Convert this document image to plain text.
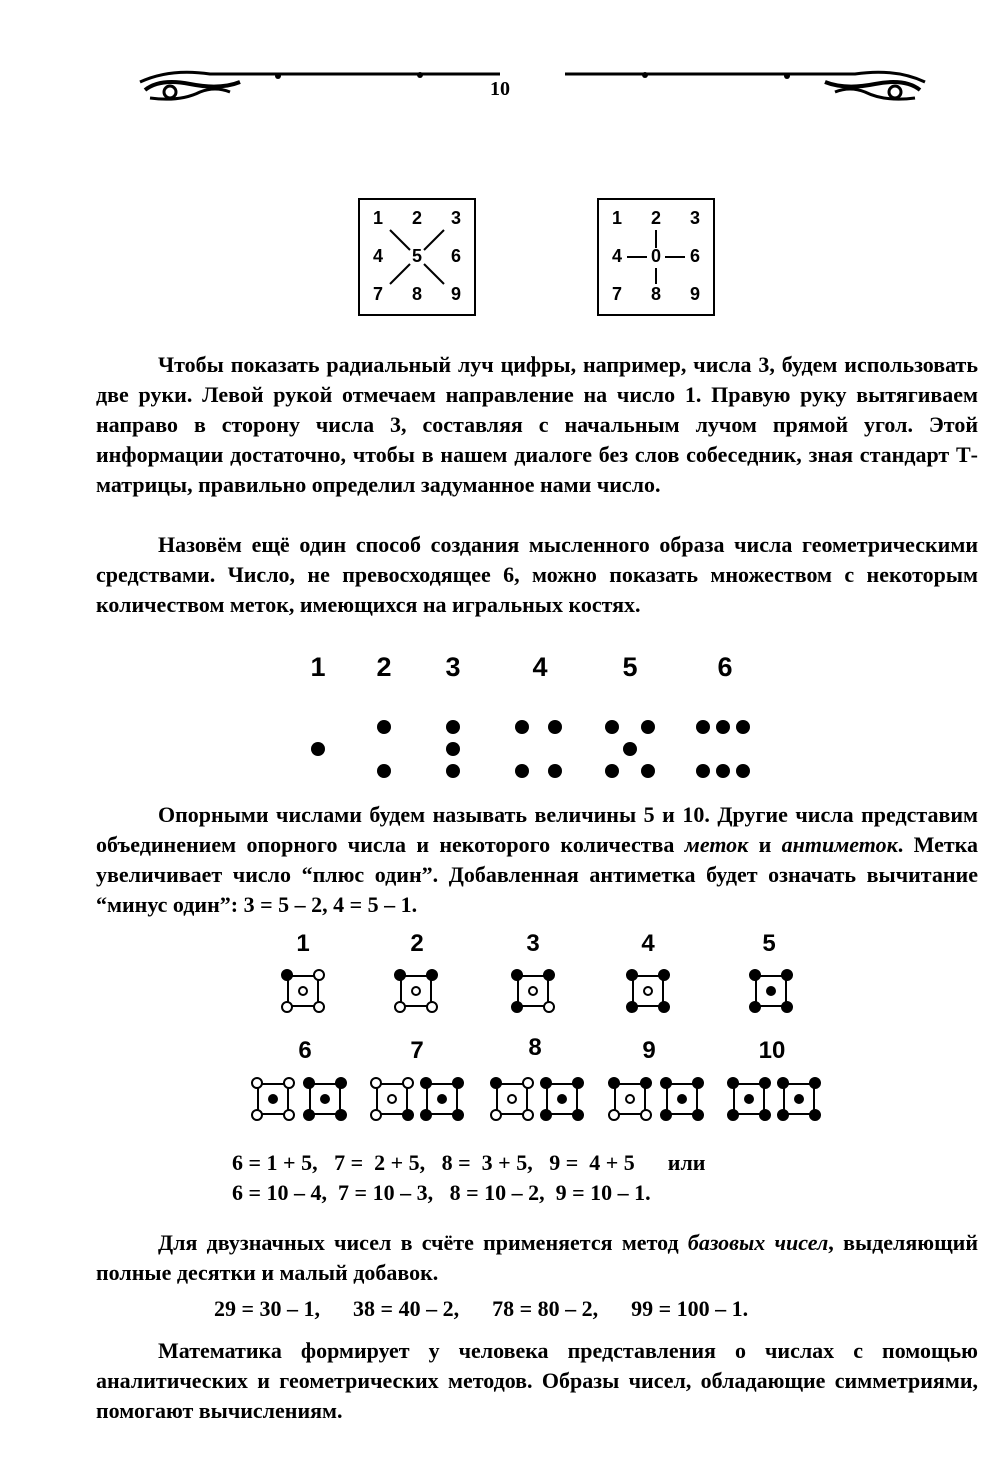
10
1 2 3
4 5 6
7 8 9
1 2 3
4 0 6
7 8 9

Чтобы показать радиальный луч цифры, например, числа 3, будем использовать две руки. Левой рукой отмечаем направление на число 1. Правую руку вытягиваем направо в сторону числа 3, составляя с начальным лучом прямой угол. Этой информации достаточно, чтобы в нашем диалоге без слов собеседник, зная стандарт Т-матрицы, правильно определил задуманное нами число.

Назовём ещё один способ создания мысленного образа числа геометрическими средствами. Число, не превосходящее 6, можно показать множеством с некоторым количеством меток, имеющихся на игральных костях.

1	2	3	4	5	6

Опорными числами будем называть величины 5 и 10. Другие числа представим объединением опорного числа и некоторого количества меток и антиметок. Метка увеличивает число “плюс один”. Добавленная антиметка будет означать вычитание “минус один”: 3 = 5 – 2, 4 = 5 – 1.

1	2	3	4	5
6	7	8	9	10
6 = 1 + 5,   7 =  2 + 5,   8 =  3 + 5,   9 =  4 + 5      или
6 = 10 – 4,  7 = 10 – 3,   8 = 10 – 2,  9 = 10 – 1.

Для двузначных чисел в счёте применяется метод базовых чисел, выделяющий полные десятки и малый добавок.

29 = 30 – 1,      38 = 40 – 2,      78 = 80 – 2,      99 = 100 – 1.

Математика формирует у человека представления о числах с помощью аналитических и геометрических методов. Образы чисел, обладающие симметриями, помогают вычислениям.
